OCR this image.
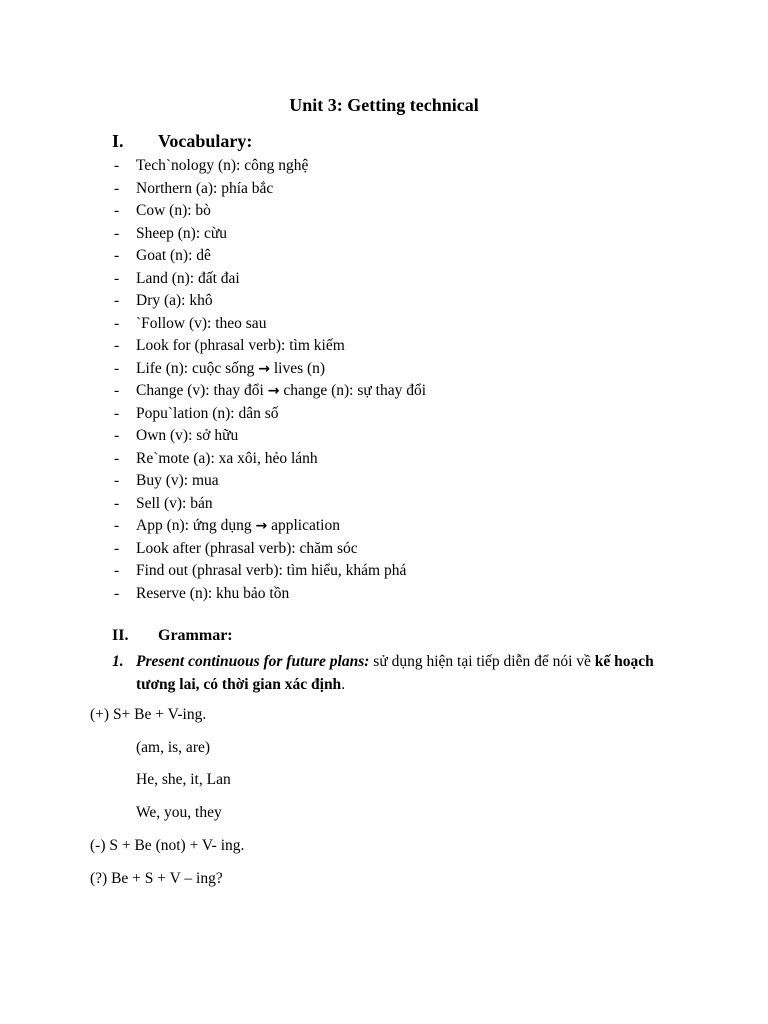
Unit 3: Getting technical
I. Vocabulary:
- Tech`nology (n): công nghệ
- Northern (a): phía bắc
- Cow (n): bò
- Sheep (n): cừu
- Goat (n): dê
- Land (n): đất đai
- Dry (a): khô
- `Follow (v): theo sau
- Look for (phrasal verb): tìm kiếm
- Life (n): cuộc sống → lives (n)
- Change (v): thay đổi → change (n): sự thay đổi
- Popu`lation (n): dân số
- Own (v): sở hữu
- Re`mote (a): xa xôi, hẻo lánh
- Buy (v): mua
- Sell (v): bán
- App (n): ứng dụng → application
- Look after (phrasal verb): chăm sóc
- Find out (phrasal verb): tìm hiểu, khám phá
- Reserve (n): khu bảo tồn
II. Grammar:
1. Present continuous for future plans: sử dụng hiện tại tiếp diễn để nói về kế hoạch tương lai, có thời gian xác định.

(+) S+ Be + V-ing.

(am, is, are)

He, she, it, Lan

We, you, they

(-) S + Be (not) + V- ing.

(?) Be + S + V – ing?
